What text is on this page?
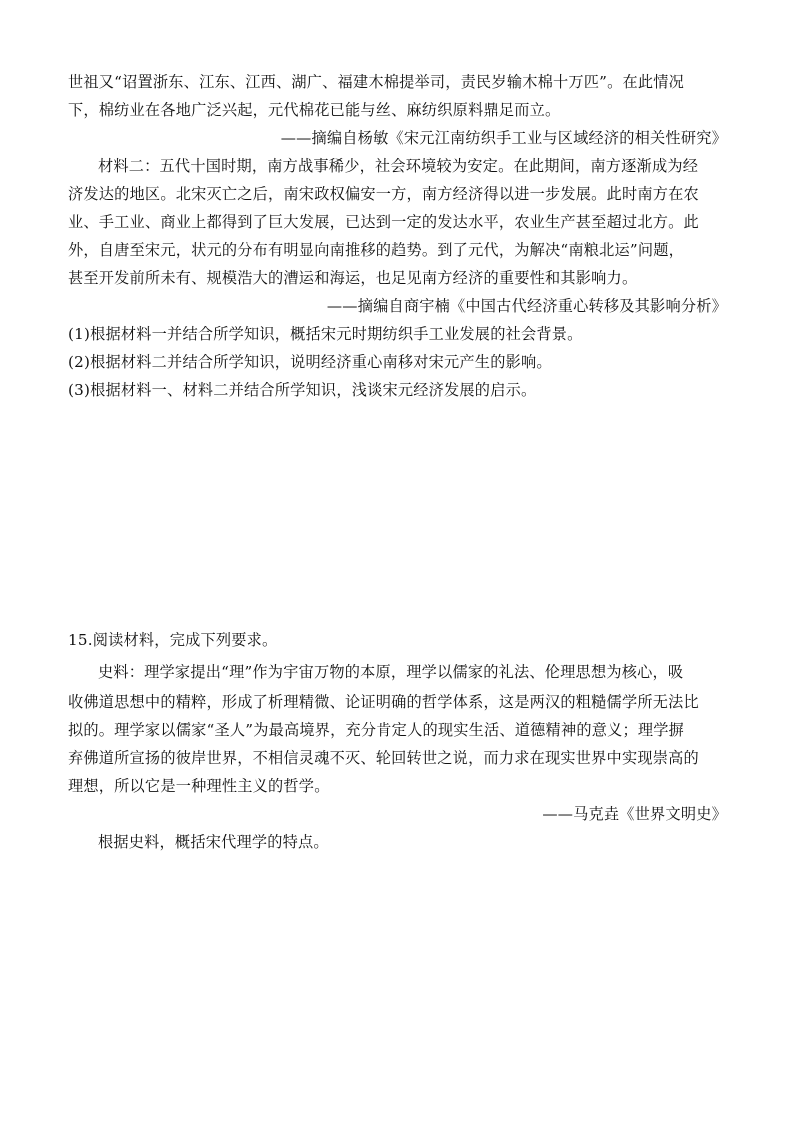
世祖又“诏置浙东、江东、江西、湖广、福建木棉提举司，责民岁输木棉十万匹”。在此情况
下，棉纺业在各地广泛兴起，元代棉花已能与丝、麻纺织原料鼎足而立。
——摘编自杨敏《宋元江南纺织手工业与区域经济的相关性研究》
材料二：五代十国时期，南方战事稀少，社会环境较为安定。在此期间，南方逐渐成为经
济发达的地区。北宋灭亡之后，南宋政权偏安一方，南方经济得以进一步发展。此时南方在农
业、手工业、商业上都得到了巨大发展，已达到一定的发达水平，农业生产甚至超过北方。此
外，自唐至宋元，状元的分布有明显向南推移的趋势。到了元代，为解决“南粮北运”问题，
甚至开发前所未有、规模浩大的漕运和海运，也足见南方经济的重要性和其影响力。
——摘编自商宇楠《中国古代经济重心转移及其影响分析》
(1)根据材料一并结合所学知识，概括宋元时期纺织手工业发展的社会背景。
(2)根据材料二并结合所学知识，说明经济重心南移对宋元产生的影响。
(3)根据材料一、材料二并结合所学知识，浅谈宋元经济发展的启示。
15.阅读材料，完成下列要求。
史料：理学家提出“理”作为宇宙万物的本原，理学以儒家的礼法、伦理思想为核心，吸
收佛道思想中的精粹，形成了析理精微、论证明确的哲学体系，这是两汉的粗糙儒学所无法比
拟的。理学家以儒家“圣人”为最高境界，充分肯定人的现实生活、道德精神的意义；理学摒
弃佛道所宣扬的彼岸世界，不相信灵魂不灭、轮回转世之说，而力求在现实世界中实现崇高的
理想，所以它是一种理性主义的哲学。
——马克垚《世界文明史》
根据史料，概括宋代理学的特点。
